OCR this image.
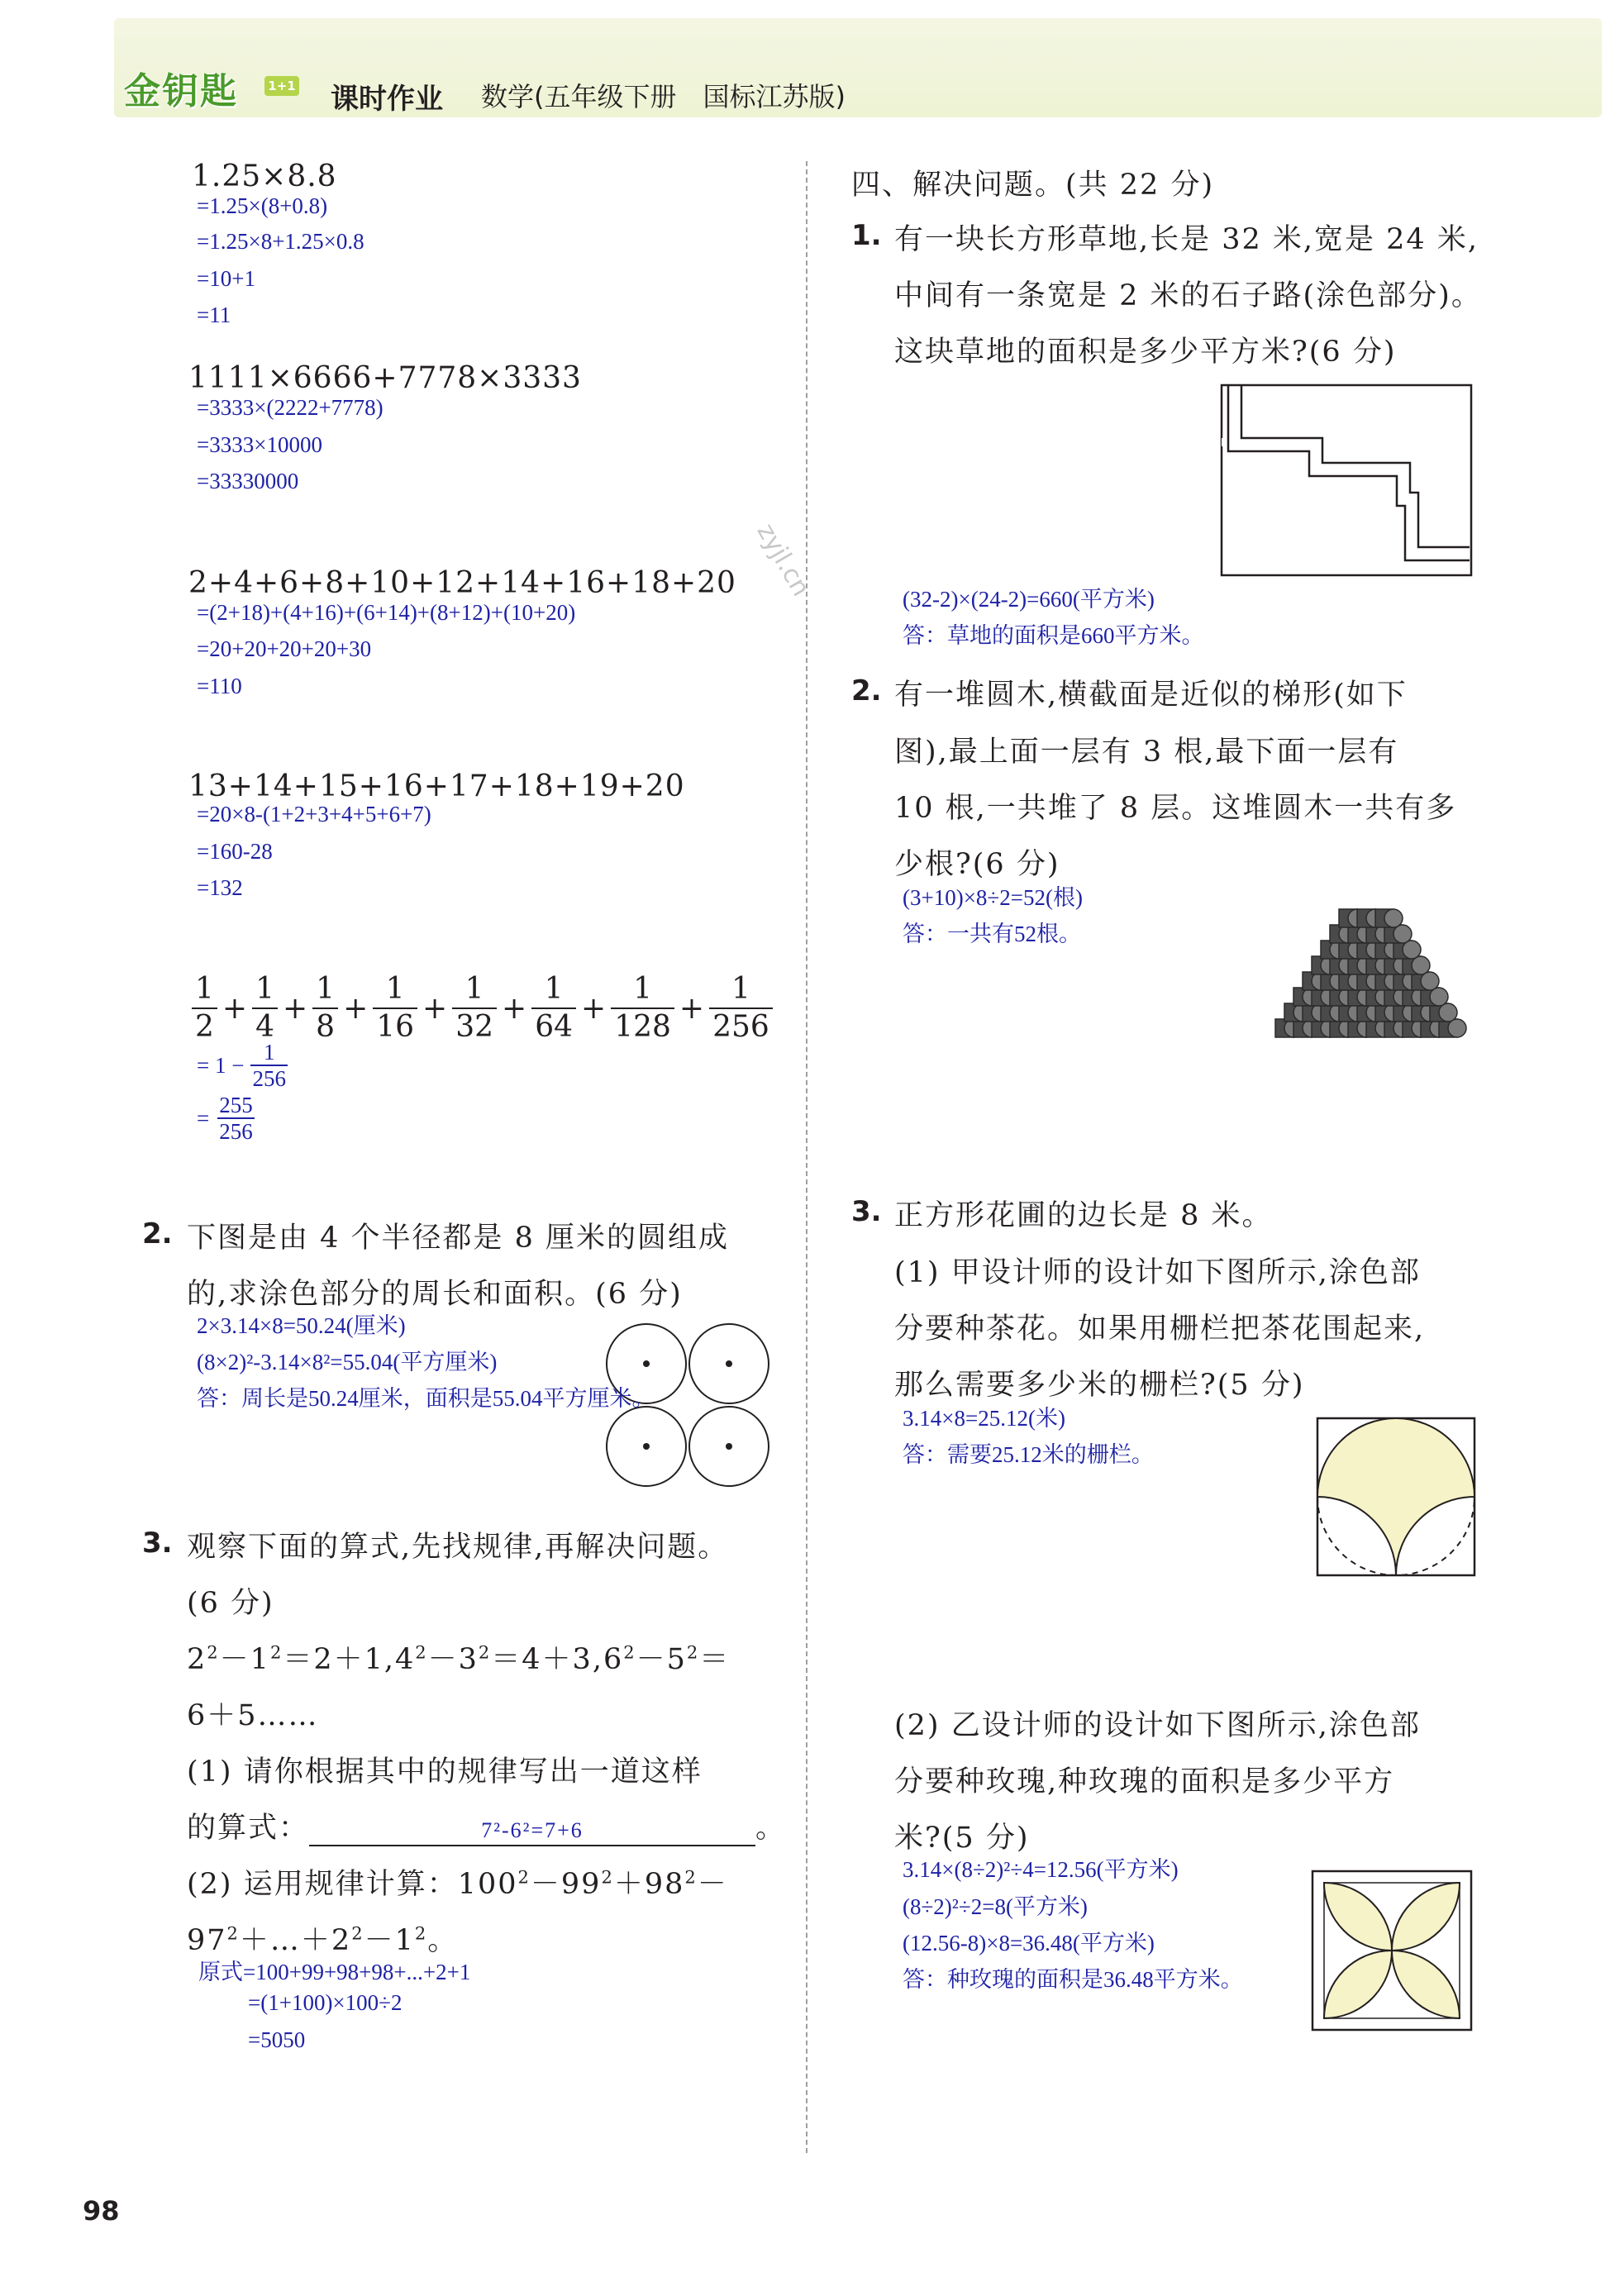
金钥匙 1+1 课时作业 数学(五年级下册　国标江苏版)
zyjl.cn
1.25×8.8
=1.25×(8+0.8)
=1.25×8+1.25×0.8
=10+1
=11
1111×6666+7778×3333
=3333×(2222+7778)
=3333×10000
=33330000
2+4+6+8+10+12+14+16+18+20
=(2+18)+(4+16)+(6+14)+(8+12)+(10+20)
=20+20+20+20+30
=110
13+14+15+16+17+18+19+20
=20×8-(1+2+3+4+5+6+7)
=160-28
=132
$\frac{1}{2} + \frac{1}{4} + \frac{1}{8} + \frac{1}{16} + \frac{1}{32} + \frac{1}{64} + \frac{1}{128} + \frac{1}{256}$
= $1 - \frac{1}{256}$
= $\frac{255}{256}$
2. 下图是由 4 个半径都是 8 厘米的圆组成
的,求涂色部分的周长和面积。(6 分)
2×3.14×8=50.24(厘米)
(8×2)²-3.14×8²=55.04(平方厘米)
答：周长是50.24厘米，面积是55.04平方厘米。
3. 观察下面的算式,先找规律,再解决问题。
(6 分)
$2^2-1^2=2+1,4^2-3^2=4+3,6^2-5^2=$
6＋5……
(1) 请你根据其中的规律写出一道这样
的算式：	7²-6²=7+6	。
(2) 运用规律计算：$100^2-99^2+98^2-$
$97^2+\dots+2^2-1^2$。
原式=100+99+98+98+...+2+1
=(1+100)×100÷2
=5050
四、解决问题。(共 22 分)
1. 有一块长方形草地,长是 32 米,宽是 24 米,
中间有一条宽是 2 米的石子路(涂色部分)。
这块草地的面积是多少平方米?(6 分)
(32-2)×(24-2)=660(平方米)
答：草地的面积是660平方米。
2. 有一堆圆木,横截面是近似的梯形(如下
图),最上面一层有 3 根,最下面一层有
10 根,一共堆了 8 层。这堆圆木一共有多
少根?(6 分)
(3+10)×8÷2=52(根)
答：一共有52根。
3. 正方形花圃的边长是 8 米。
(1) 甲设计师的设计如下图所示,涂色部
分要种茶花。如果用栅栏把茶花围起来,
那么需要多少米的栅栏?(5 分)
3.14×8=25.12(米)
答：需要25.12米的栅栏。
(2) 乙设计师的设计如下图所示,涂色部
分要种玫瑰,种玫瑰的面积是多少平方
米?(5 分)
3.14×(8÷2)²÷4=12.56(平方米)
(8÷2)²÷2=8(平方米)
(12.56-8)×8=36.48(平方米)
答：种玫瑰的面积是36.48平方米。
98
